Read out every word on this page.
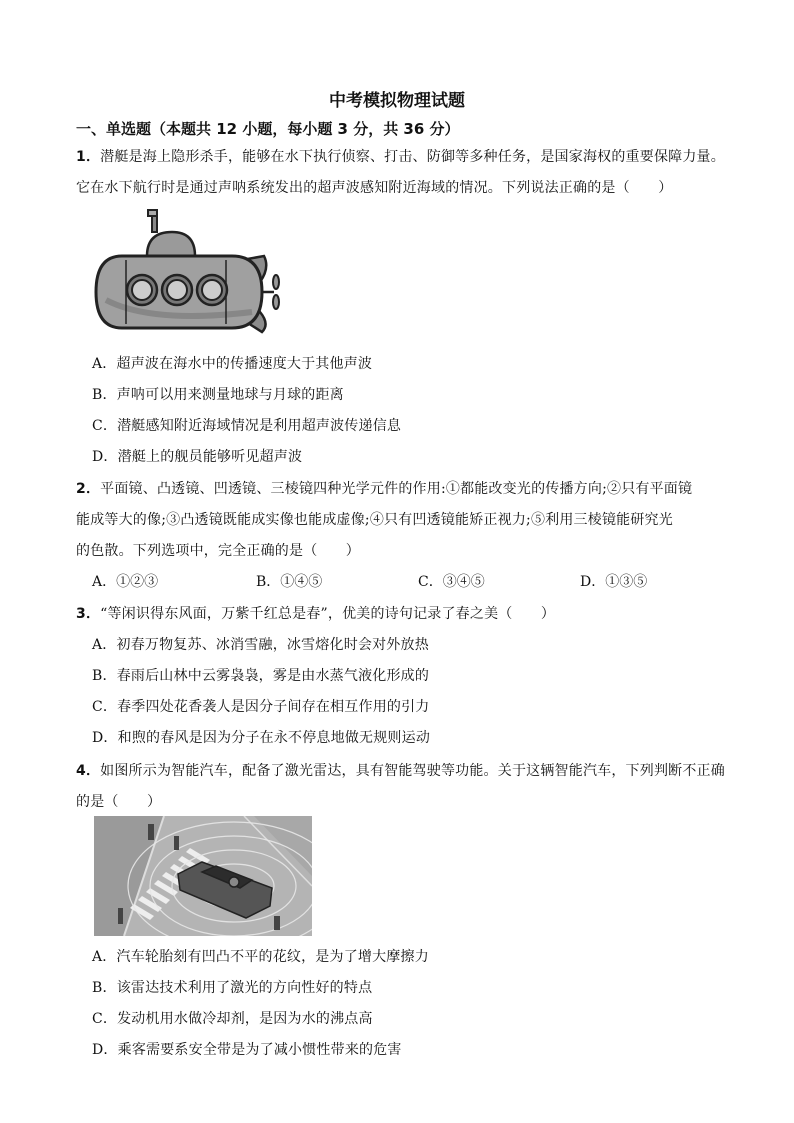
中考模拟物理试题
一、单选题（本题共 12 小题，每小题 3 分，共 36 分）
1．潜艇是海上隐形杀手，能够在水下执行侦察、打击、防御等多种任务，是国家海权的重要保障力量。
它在水下航行时是通过声呐系统发出的超声波感知附近海域的情况。下列说法正确的是（　　）
A．超声波在海水中的传播速度大于其他声波
B．声呐可以用来测量地球与月球的距离
C．潜艇感知附近海域情况是利用超声波传递信息
D．潜艇上的舰员能够听见超声波
2．平面镜、凸透镜、凹透镜、三棱镜四种光学元件的作用:①都能改变光的传播方向;②只有平面镜
能成等大的像;③凸透镜既能成实像也能成虚像;④只有凹透镜能矫正视力;⑤利用三棱镜能研究光
的色散。下列选项中，完全正确的是（　　）
A．①②③	B．①④⑤	C．③④⑤	D．①③⑤
3．“等闲识得东风面，万紫千红总是春”，优美的诗句记录了春之美（　　）
A．初春万物复苏、冰消雪融，冰雪熔化时会对外放热
B．春雨后山林中云雾袅袅，雾是由水蒸气液化形成的
C．春季四处花香袭人是因分子间存在相互作用的引力
D．和煦的春风是因为分子在永不停息地做无规则运动
4．如图所示为智能汽车，配备了激光雷达，具有智能驾驶等功能。关于这辆智能汽车，下列判断不正确
的是（　　）
A．汽车轮胎刻有凹凸不平的花纹，是为了增大摩擦力
B．该雷达技术利用了激光的方向性好的特点
C．发动机用水做冷却剂，是因为水的沸点高
D．乘客需要系安全带是为了减小惯性带来的危害
